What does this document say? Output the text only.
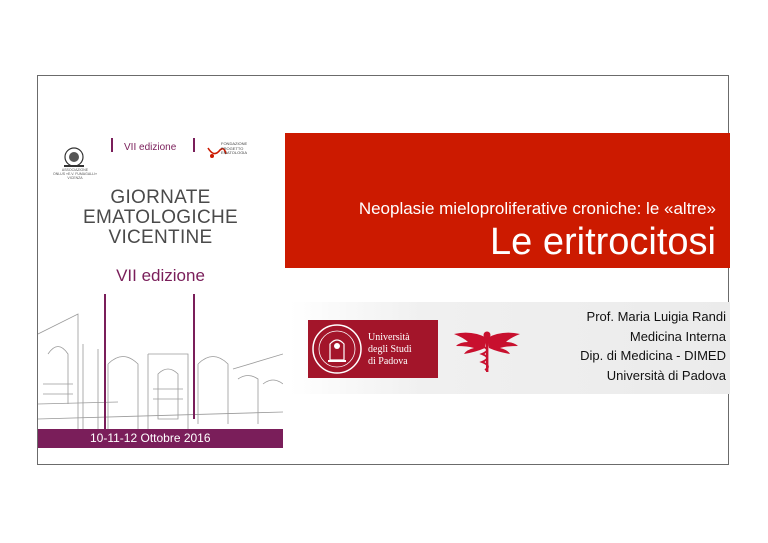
ASSOCIAZIONE
ONLUS «E.V. FUMAGALLI»
VICENZA
VII edizione	FONDAZIONE
PROGETTO
EMATOLOGIA
GIORNATE
EMATOLOGICHE
VICENTINE
VII edizione
10-11-12 Ottobre 2016
Neoplasie mieloproliferative croniche: le «altre»
Le eritrocitosi
Università
degli Studi
di Padova
Prof. Maria Luigia Randi
Medicina Interna
Dip. di Medicina - DIMED
Università di Padova
